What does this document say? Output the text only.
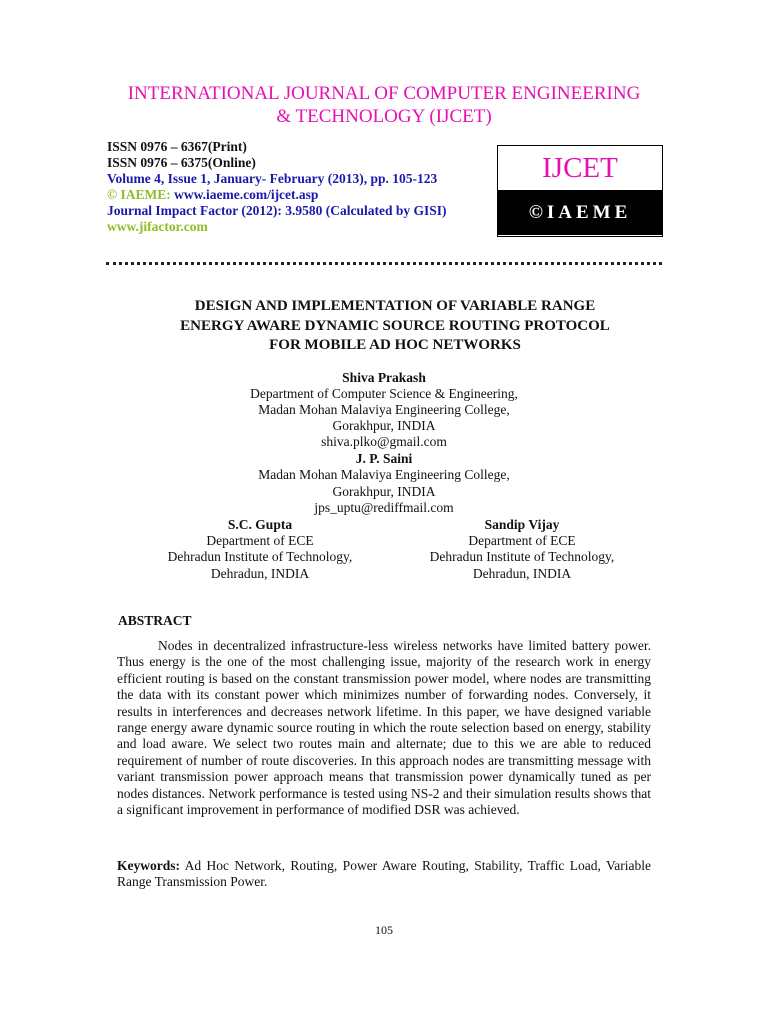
INTERNATIONAL JOURNAL OF COMPUTER ENGINEERING
& TECHNOLOGY (IJCET)
ISSN 0976 – 6367(Print)
ISSN 0976 – 6375(Online)
Volume 4, Issue 1, January- February (2013), pp. 105-123
© IAEME: www.iaeme.com/ijcet.asp
Journal Impact Factor (2012): 3.9580 (Calculated by GISI)
www.jifactor.com
IJCET
©IAEME
DESIGN AND IMPLEMENTATION OF VARIABLE RANGE
ENERGY AWARE DYNAMIC SOURCE ROUTING PROTOCOL
FOR MOBILE AD HOC NETWORKS
Shiva Prakash
Department of Computer Science & Engineering,
Madan Mohan Malaviya Engineering College,
Gorakhpur, INDIA
shiva.plko@gmail.com
J. P. Saini
Madan Mohan Malaviya Engineering College,
Gorakhpur, INDIA
jps_uptu@rediffmail.com
S.C. Gupta
Department of ECE
Dehradun Institute of Technology,
Dehradun, INDIA
Sandip Vijay
Department of ECE
Dehradun Institute of Technology,
Dehradun, INDIA
ABSTRACT
Nodes in decentralized infrastructure-less wireless networks have limited battery power. Thus energy is the one of the most challenging issue, majority of the research work in energy efficient routing is based on the constant transmission power model, where nodes are transmitting the data with its constant power which minimizes number of forwarding nodes. Conversely, it results in interferences and decreases network lifetime. In this paper, we have designed variable range energy aware dynamic source routing in which the route selection based on energy, stability and load aware. We select two routes main and alternate; due to this we are able to reduced requirement of number of route discoveries. In this approach nodes are transmitting message with variant transmission power approach means that transmission power dynamically tuned as per nodes distances. Network performance is tested using NS-2 and their simulation results shows that a significant improvement in performance of modified DSR was achieved.
Keywords: Ad Hoc Network, Routing, Power Aware Routing, Stability, Traffic Load, Variable Range Transmission Power.
105
